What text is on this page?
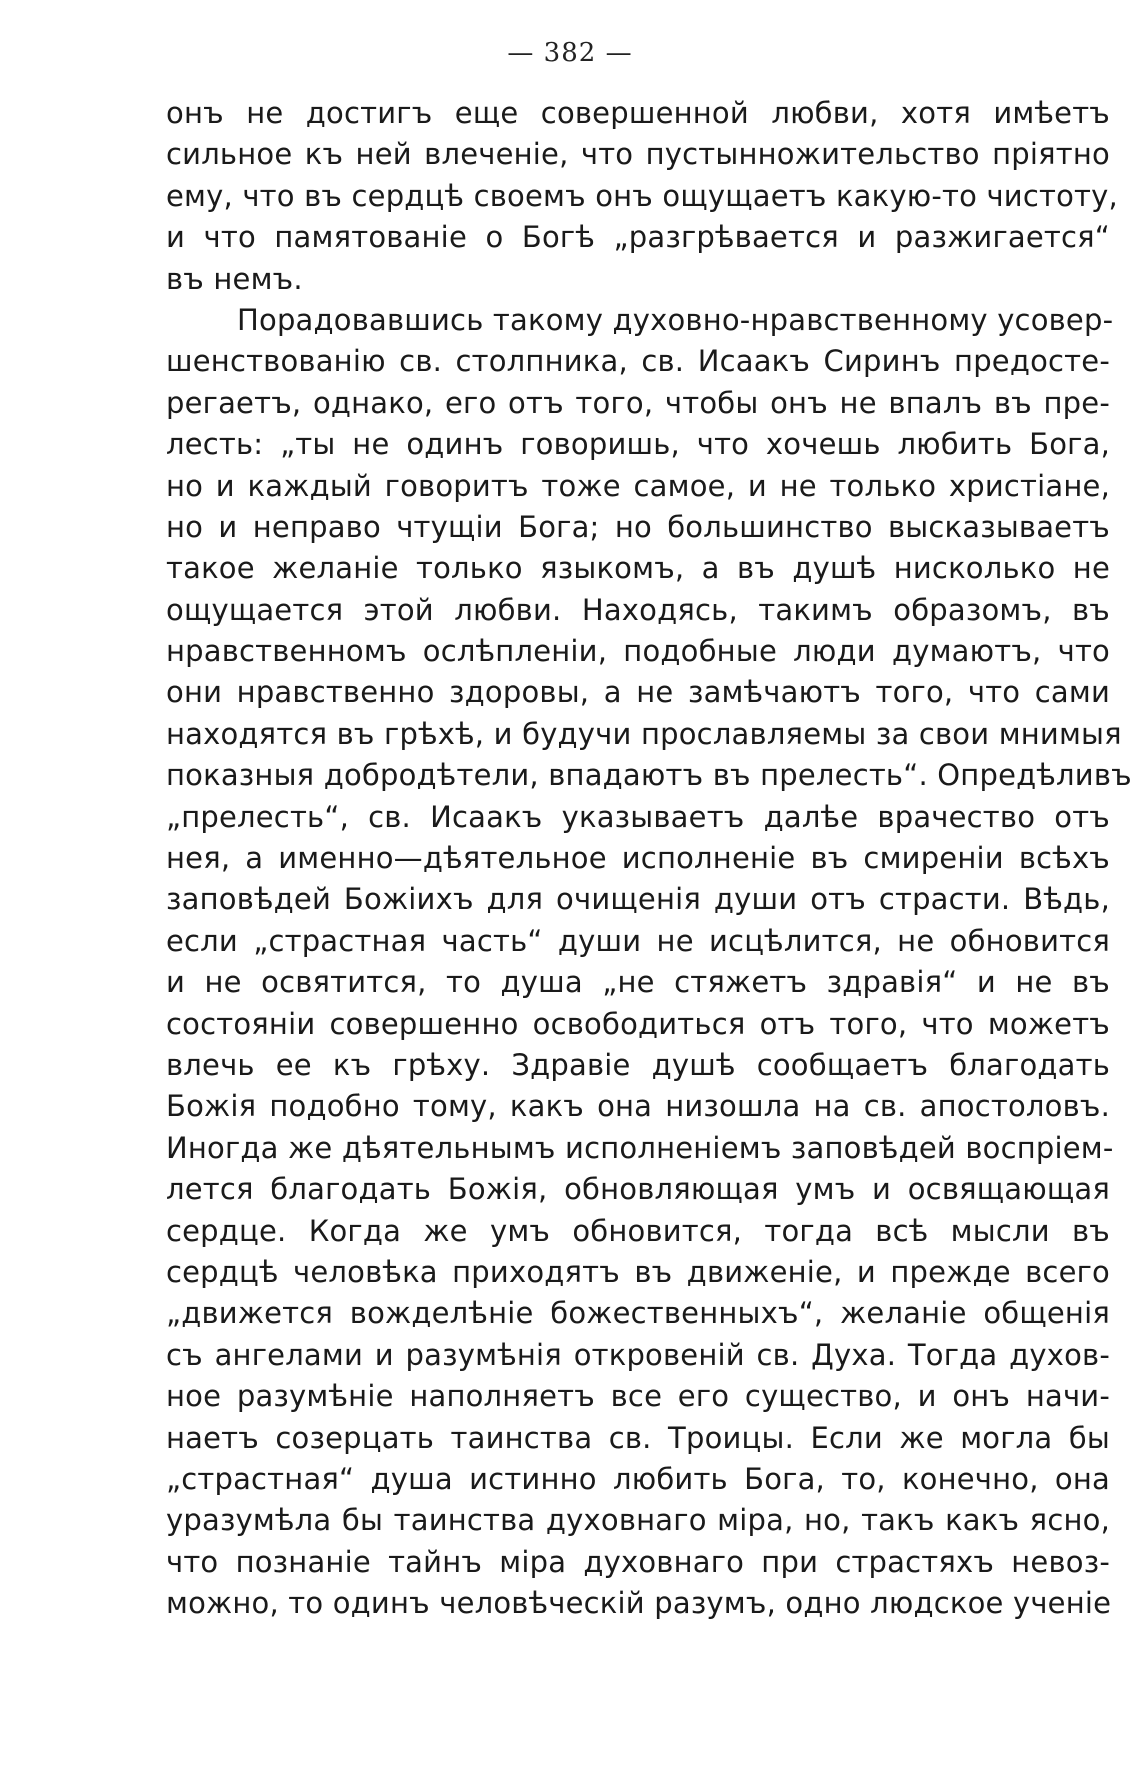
— 382 —
онъ не достигъ еще совершенной любви, хотя имѣетъ
сильное къ ней влеченіе, что пустынножительство пріятно
ему, что въ сердцѣ своемъ онъ ощущаетъ какую-то чистоту,
и что памятованіе о Богѣ „разгрѣвается и разжигается“
въ немъ.
Порадовавшись такому духовно-нравственному усовер-
шенствованію св. столпника, св. Исаакъ Сиринъ предосте-
регаетъ, однако, его отъ того, чтобы онъ не впалъ въ пре-
лесть: „ты не одинъ говоришь, что хочешь любить Бога,
но и каждый говоритъ тоже самое, и не только христіане,
но и неправо чтущіи Бога; но большинство высказываетъ
такое желаніе только языкомъ, а въ душѣ нисколько не
ощущается этой любви. Находясь, такимъ образомъ, въ
нравственномъ ослѣпленіи, подобные люди думаютъ, что
они нравственно здоровы, а не замѣчаютъ того, что сами
находятся въ грѣхѣ, и будучи прославляемы за свои мнимыя
показныя добродѣтели, впадаютъ въ прелесть“. Опредѣливъ
„прелесть“, св. Исаакъ указываетъ далѣе врачество отъ
нея, а именно—дѣятельное исполненіе въ смиреніи всѣхъ
заповѣдей Божіихъ для очищенія души отъ страсти. Вѣдь,
если „страстная часть“ души не исцѣлится, не обновится
и не освятится, то душа „не стяжетъ здравія“ и не въ
состояніи совершенно освободиться отъ того, что можетъ
влечь ее къ грѣху. Здравіе душѣ сообщаетъ благодать
Божія подобно тому, какъ она низошла на св. апостоловъ.
Иногда же дѣятельнымъ исполненіемъ заповѣдей воспріем-
лется благодать Божія, обновляющая умъ и освящающая
сердце. Когда же умъ обновится, тогда всѣ мысли въ
сердцѣ человѣка приходятъ въ движеніе, и прежде всего
„движется вожделѣніе божественныхъ“, желаніе общенія
съ ангелами и разумѣнія откровеній св. Духа. Тогда духов-
ное разумѣніе наполняетъ все его существо, и онъ начи-
наетъ созерцать таинства св. Троицы. Если же могла бы
„страстная“ душа истинно любить Бога, то, конечно, она
уразумѣла бы таинства духовнаго міра, но, такъ какъ ясно,
что познаніе тайнъ міра духовнаго при страстяхъ невоз-
можно, то одинъ человѣческій разумъ, одно людское ученіе
